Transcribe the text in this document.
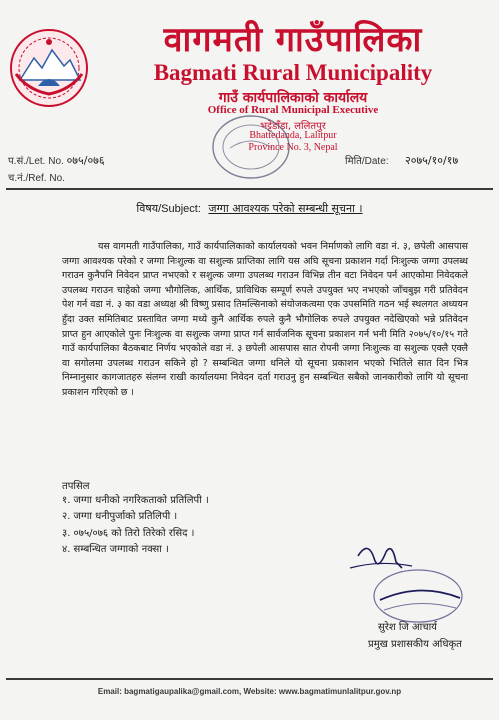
वागमती गाउँपालिका
Bagmati Rural Municipality
गाउँ कार्यपालिकाको कार्यालय
Office of Rural Municipal Executive
भट्टेडाँडा, ललितपुर
Bhattedanda, Lalitpur
Province No. 3, Nepal
प.सं./Let. No. ०७५/०७६
च.नं./Ref. No.
मिति/Date: २०७५/१०/१७
विषय/Subject: जग्गा आवश्यक परेको सम्बन्धी सूचना ।
यस वागमती गाउँपालिका, गाउँ कार्यपालिकाको कार्यालयको भवन निर्माणको लागि वडा नं. ३, छपेली आसपास जग्गा आवश्यक परेको र जग्गा निःशुल्क वा सशुल्क प्राप्तिका लागि यस अघि सूचना प्रकाशन गर्दा निःशुल्क जग्गा उपलब्ध गराउन कुनैपनि निवेदन प्राप्त नभएको र सशुल्क जग्गा उपलब्ध गराउन विभिन्न तीन वटा निवेदन पर्न आएकोमा निवेदकले उपलब्ध गराउन चाहेको जग्गा भौगोलिक, आर्थिक, प्राविधिक सम्पूर्ण रुपले उपयुक्त भए नभएको जाँचबुझ गरी प्रतिवेदन पेश गर्न वडा नं. ३ का वडा अध्यक्ष श्री विष्णु प्रसाद तिमल्सिनाको संयोजकत्वमा एक उपसमिति गठन भई स्थलगत अध्ययन हुँदा उक्त समितिबाट प्रस्तावित जग्गा मध्ये कुनै आर्थिक रुपले कुनै भौगोलिक रुपले उपयुक्त नदेखिएको भन्ने प्रतिवेदन प्राप्त हुन आएकोले पुनः निःशुल्क वा सशुल्क जग्गा प्राप्त गर्न सार्वजनिक सूचना प्रकाशन गर्न भनी मिति २०७५/१०/१५ गते गाउँ कार्यपालिका बैठकबाट निर्णय भएकोले वडा नं. ३ छपेली आसपास सात रोपनी जग्गा निःशुल्क वा सशुल्क एक्लै एक्लै वा सगोलमा उपलब्ध गराउन सकिने हो ? सम्बन्धित जग्गा धनिले यो सूचना प्रकाशन भएको भितिले सात दिन भित्र निम्नानुसार कागजातहरु संलग्न राखी कार्यालयमा निवेदन दर्ता गराउनु हुन सम्बन्धित सबैको जानकारीको लागि यो सूचना प्रकाशन गरिएको छ ।
तपसिल
१. जग्गा धनीको नगरिकताको प्रतिलिपी ।
२. जग्गा धनीपुर्जाको प्रतिलिपी ।
३. ०७५/०७६ को तिरो तिरेको रसिद ।
४. सम्बन्धित जग्गाको नक्सा ।
सुरेश जि आचार्य
प्रमुख प्रशासकीय अधिकृत
Email: bagmatigaupalika@gmail.com, Website: www.bagmatimunlalitpur.gov.np
